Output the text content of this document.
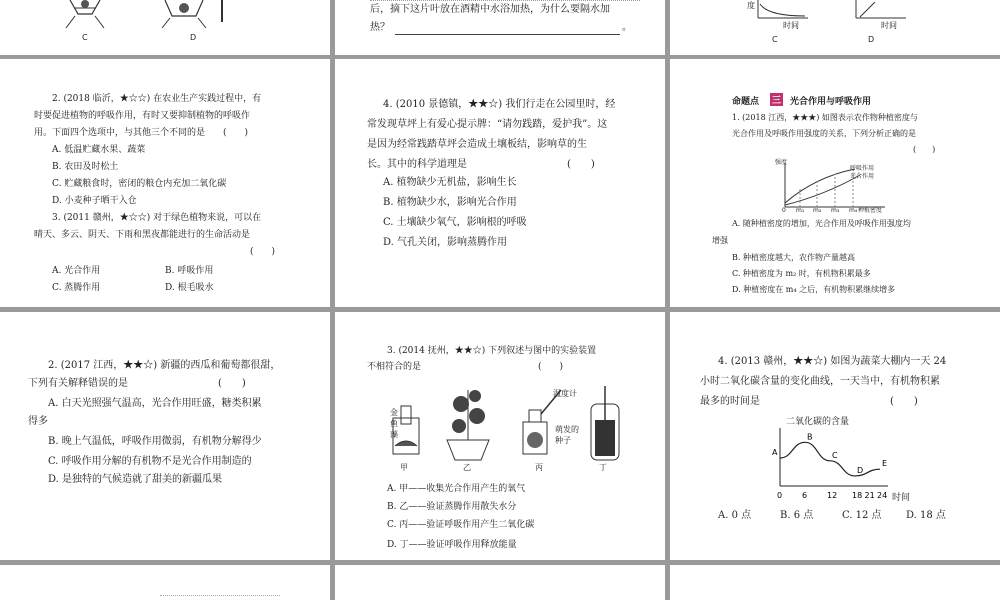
C	D
后，摘下这片叶放在酒精中水浴加热，为什么要隔水加
热？	。
度
时间	时间
C	D
2. (2018 临沂，★☆☆) 在农业生产实践过程中，有
时要促进植物的呼吸作用，有时又要抑制植物的呼吸作
用。下面四个选项中，与其他三个不同的是　　(　　)
A. 低温贮藏水果、蔬菜
B. 农田及时松土
C. 贮藏粮食时，密闭的粮仓内充加二氧化碳
D. 小麦种子晒干入仓
3. (2011 赣州，★☆☆) 对于绿色植物来说，可以在
晴天、多云、阴天、下雨和黑夜都能进行的生命活动是
(　　)
A. 光合作用	B. 呼吸作用
C. 蒸腾作用	D. 根毛吸水
4. (2010 景德镇，★★☆) 我们行走在公园里时，经
常发现草坪上有爱心提示牌：“请勿践踏，爱护我”。这
是因为经常践踏草坪会造成土壤板结，影响草的生
长。其中的科学道理是　　　　　　　　　　(　　)
A. 植物缺少无机盐，影响生长
B. 植物缺少水，影响光合作用
C. 土壤缺少氧气，影响根的呼吸
D. 气孔关闭，影响蒸腾作用
命题点 三 光合作用与呼吸作用
1. (2018 江西，★★★) 如图表示农作物种植密度与
光合作用及呼吸作用强度的关系，下列分析正确的是
(　　)
强度
呼吸作用
光合作用
0 m₁ m₂ m₃ m₄ 种植密度
A. 随种植密度的增加，光合作用及呼吸作用强度均
增强
B. 种植密度越大，农作物产量越高
C. 种植密度为 m₂ 时，有机物积累最多
D. 种植密度在 m₄ 之后，有机物积累继续增多
2. (2017 江西，★★☆) 新疆的西瓜和葡萄都很甜，
下列有关解释错误的是　　　　　　　　　(　　)
A. 白天光照强气温高，光合作用旺盛，糖类积累
得多
B. 晚上气温低，呼吸作用微弱，有机物分解得少
C. 呼吸作用分解的有机物不是光合作用制造的
D. 是独特的气候造就了甜美的新疆瓜果
3. (2014 抚州，★★☆) 下列叙述与图中的实验装置
不相符合的是　　　　　　　　　　　　　(　　)
金鱼藻
温度计
萌发的种子
甲	乙	丙	丁
A. 甲——收集光合作用产生的氧气
B. 乙——验证蒸腾作用散失水分
C. 丙——验证呼吸作用产生二氧化碳
D. 丁——验证呼吸作用释放能量
4. (2013 赣州，★★☆) 如图为蔬菜大棚内一天 24
小时二氧化碳含量的变化曲线，一天当中，有机物积累
最多的时间是　　　　　　　　　　　　　(　　)
二氧化碳的含量
A
B
C
D
E
0 6 12 18 21 24 时间
A. 0 点	B. 6 点	C. 12 点 D. 18 点
